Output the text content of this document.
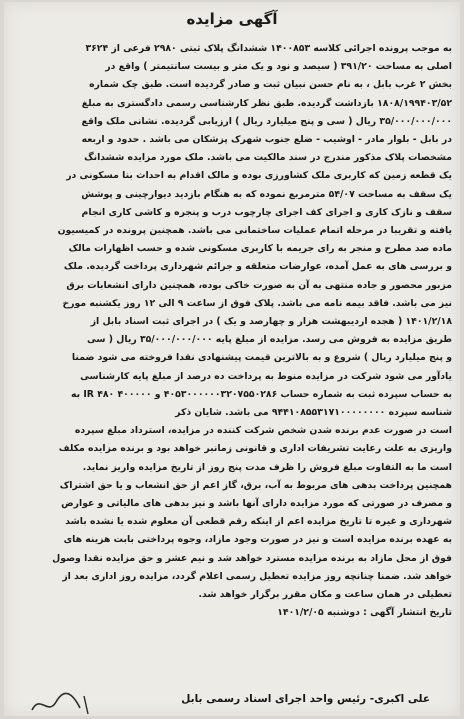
آگهی مزایده
به موجب پرونده اجرائی کلاسه ۱۴۰۰۸۵۳ ششدانگ پلاک ثبتی ۲۹۸۰ فرعی از ۳۶۲۴
اصلی به مساحت ۳۹۱/۲۰ ( سیصد و نود و یک متر و بیست سانتیمتر ) واقع در
بخش ۲ غرب بابل ، به نام حسن نبیان ثبت و صادر گردیده است. طبق چک شماره
۱۸۰۸/۱۹۹۴۰۳/۵۲ بازداشت گردیده. طبق نظر کارشناسی رسمی دادگستری به مبلغ
۳۵/۰۰۰/۰۰۰/۰۰۰ ریال ( سی و پنج میلیارد ریال ) ارزیابی گردیده. نشانی ملک واقع
در بابل - بلوار مادر - اوشیب - ضلع جنوب شهرک پزشکان می باشد . حدود و اربعه
مشخصات پلاک مذکور مندرج در سند مالکیت می باشد. ملک مورد مزایده ششدانگ
یک قطعه زمین که کاربری ملک کشاورزی بوده و مالک اقدام به احداث بنا مسکونی در
یک سقف به مساحت ۵۴/۰۷ مترمربع نموده که به هنگام بازدید دیوارچینی و پوشش
سقف و نازک کاری و اجرای کف اجرای چارچوب درب و پنجره و کاشی کاری انجام
یافته و تقریبا در مرحله اتمام عملیات ساختمانی می باشد. همچنین پرونده در کمیسیون
ماده صد مطرح و منجر به رای جریمه با کاربری مسکونی شده و حسب اظهارات مالک
و بررسی های به عمل آمده، عوارضات متعلقه و جرائم شهرداری پرداخت گردیده. ملک
مزبور محصور و جاده منتهی به آن به صورت خاکی بوده، همچنین دارای انشعابات برق
نیز می باشد. فاقد بیمه نامه می باشد. پلاک فوق از ساعت ۹ الی ۱۲ روز یکشنبه مورخ
۱۴۰۱/۲/۱۸ ( هجده اردیبهشت هزار و چهارصد و یک ) در اجرای ثبت اسناد بابل از
طریق مزایده به فروش می رسد. مزایده از مبلغ پایه ۳۵/۰۰۰/۰۰۰/۰۰۰ ریال ( سی
و پنج میلیارد ریال ) شروع و به بالاترین قیمت پیشنهادی نقدا فروخته می شود ضمنا
یادآور می شود شرکت در مزایده منوط به پرداخت ده درصد از مبلغ پایه کارشناسی
به حساب سپرده ثبت به شماره حساب ۴۰۵۳۰۰۰۰۰۰۳۲۰۷۵۵۰۲۸۶ و ۴۰۰۰۰۰ ۴۸۰ IR به
شناسه سپرده ۹۴۴۱۰۸۵۵۳۱۷۱۰۰۰۰۰۰۰۰ می باشد. شایان ذکر
است در صورت عدم برنده شدن شخص شرکت کننده در مزایده، استرداد مبلغ سپرده
واریزی به علت رعایت تشریفات اداری و قانونی زمانبر خواهد بود و برنده مزایده مکلف
است ما به التفاوت مبلغ فروش را ظرف مدت پنج روز از تاریخ مزایده واریز نماید.
همچنین پرداخت بدهی های مربوط به آب، برق، گاز اعم از حق انشعاب و یا حق اشتراک
و مصرف در صورتی که مورد مزایده دارای آنها باشد و نیز بدهی های مالیاتی و عوارض
شهرداری و غیره تا تاریخ مزایده اعم از اینکه رقم قطعی آن معلوم شده یا نشده باشد
به عهده برنده مزایده است و نیز در صورت وجود مازاد، وجوه پرداختی بابت هزینه های
فوق از محل مازاد به برنده مزایده مسترد خواهد شد و نیم عشر و حق مزایده نقدا وصول
خواهد شد. ضمنا چنانچه روز مزایده تعطیل رسمی اعلام گردد، مزایده روز اداری بعد از
تعطیلی در همان ساعت و مکان مقرر برگزار خواهد شد.
تاریخ انتشار آگهی : دوشنبه ۱۴۰۱/۲/۰۵
علی اکبری- رئیس واحد اجرای اسناد رسمی بابل
